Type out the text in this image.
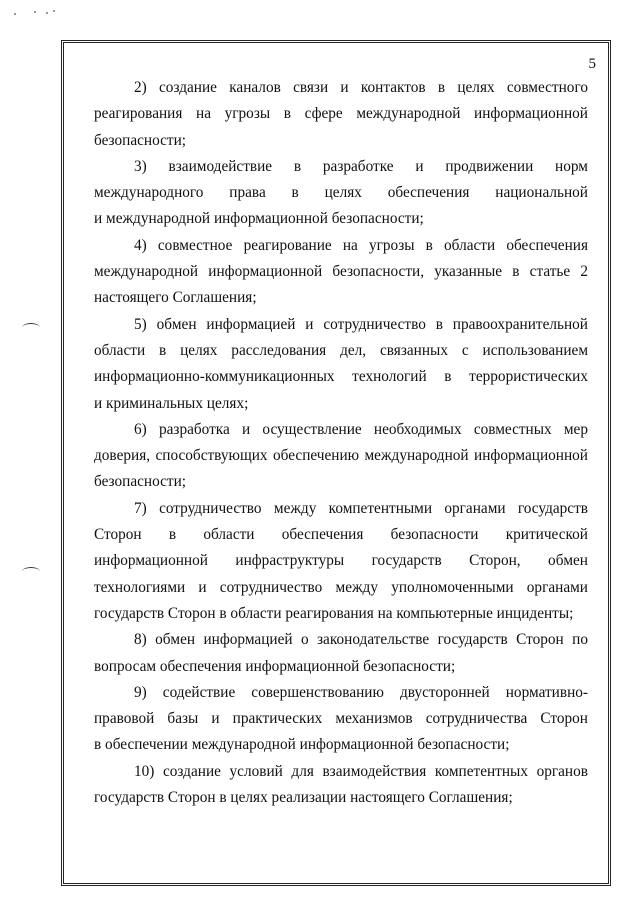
5
2) создание каналов связи и контактов в целях совместного
реагирования на угрозы в сфере международной информационной
безопасности;
3) взаимодействие в разработке и продвижении норм
международного права в целях обеспечения национальной
и международной информационной безопасности;
4) совместное реагирование на угрозы в области обеспечения
международной информационной безопасности, указанные в статье 2
настоящего Соглашения;
5) обмен информацией и сотрудничество в правоохранительной
области в целях расследования дел, связанных с использованием
информационно-коммуникационных технологий в террористических
и криминальных целях;
6) разработка и осуществление необходимых совместных мер
доверия, способствующих обеспечению международной информационной
безопасности;
7) сотрудничество между компетентными органами государств
Сторон в области обеспечения безопасности критической
информационной инфраструктуры государств Сторон, обмен
технологиями и сотрудничество между уполномоченными органами
государств Сторон в области реагирования на компьютерные инциденты;
8) обмен информацией о законодательстве государств Сторон по
вопросам обеспечения информационной безопасности;
9) содействие совершенствованию двусторонней нормативно-
правовой базы и практических механизмов сотрудничества Сторон
в обеспечении международной информационной безопасности;
10) создание условий для взаимодействия компетентных органов
государств Сторон в целях реализации настоящего Соглашения;
